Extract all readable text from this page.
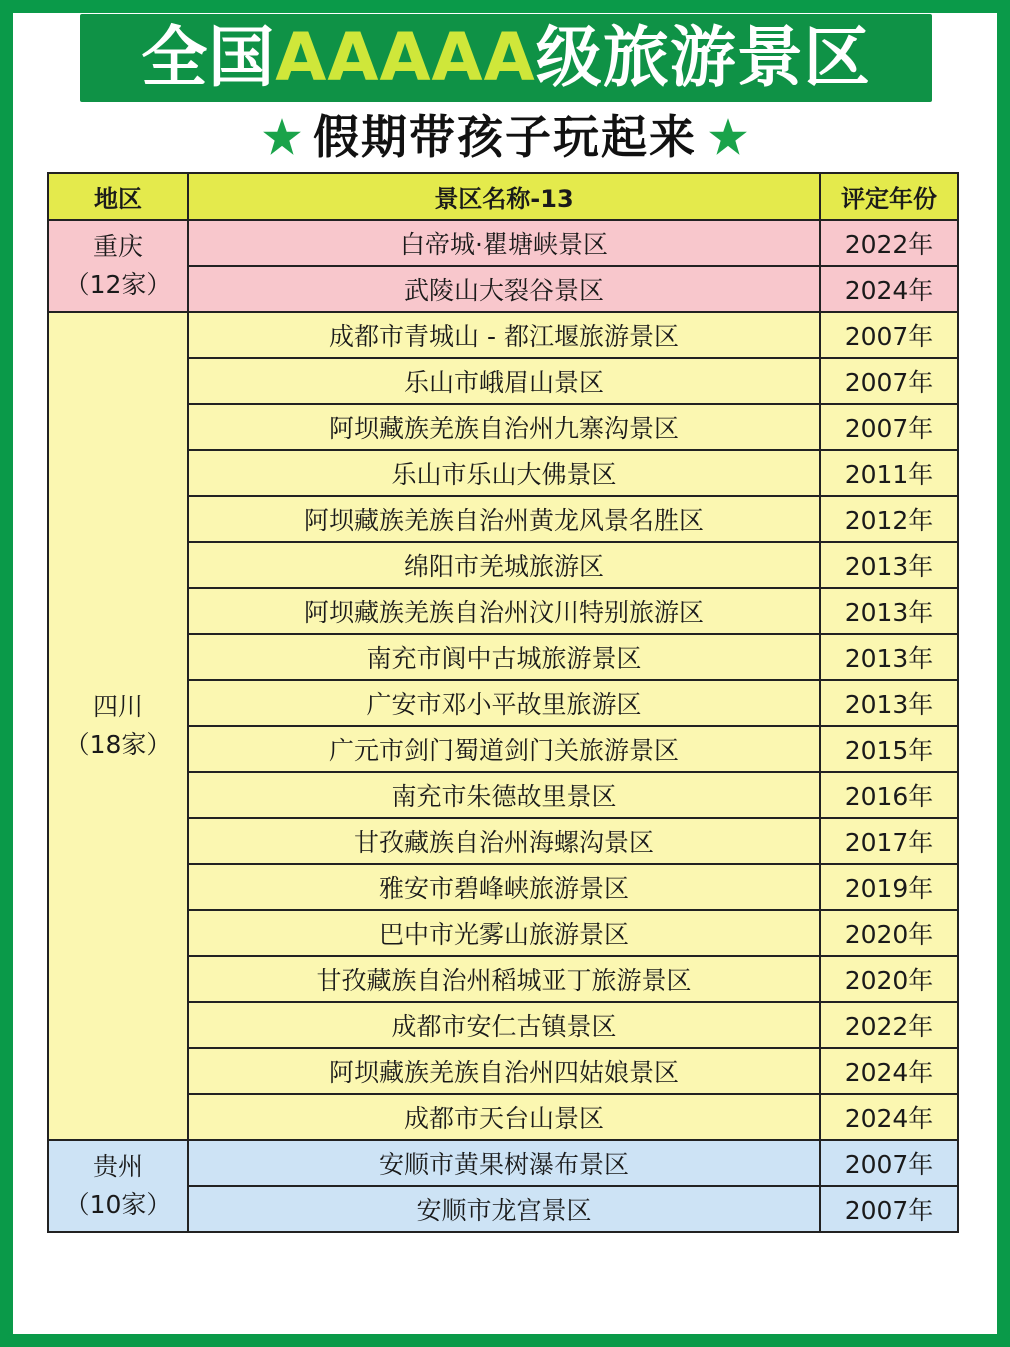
全国AAAAA级旅游景区
假期带孩子玩起来
地区	景区名称-13	评定年份

重庆
（12家）	白帝城·瞿塘峡景区	2022年
	武陵山大裂谷景区	2024年

四川
（18家）	成都市青城山 - 都江堰旅游景区	2007年
	乐山市峨眉山景区	2007年
	阿坝藏族羌族自治州九寨沟景区	2007年
	乐山市乐山大佛景区	2011年
	阿坝藏族羌族自治州黄龙风景名胜区	2012年
	绵阳市羌城旅游区	2013年
	阿坝藏族羌族自治州汶川特别旅游区	2013年
	南充市阆中古城旅游景区	2013年
	广安市邓小平故里旅游区	2013年
	广元市剑门蜀道剑门关旅游景区	2015年
	南充市朱德故里景区	2016年
	甘孜藏族自治州海螺沟景区	2017年
	雅安市碧峰峡旅游景区	2019年
	巴中市光雾山旅游景区	2020年
	甘孜藏族自治州稻城亚丁旅游景区	2020年
	成都市安仁古镇景区	2022年
	阿坝藏族羌族自治州四姑娘景区	2024年
	成都市天台山景区	2024年

贵州
（10家）	安顺市黄果树瀑布景区	2007年
	安顺市龙宫景区	2007年
